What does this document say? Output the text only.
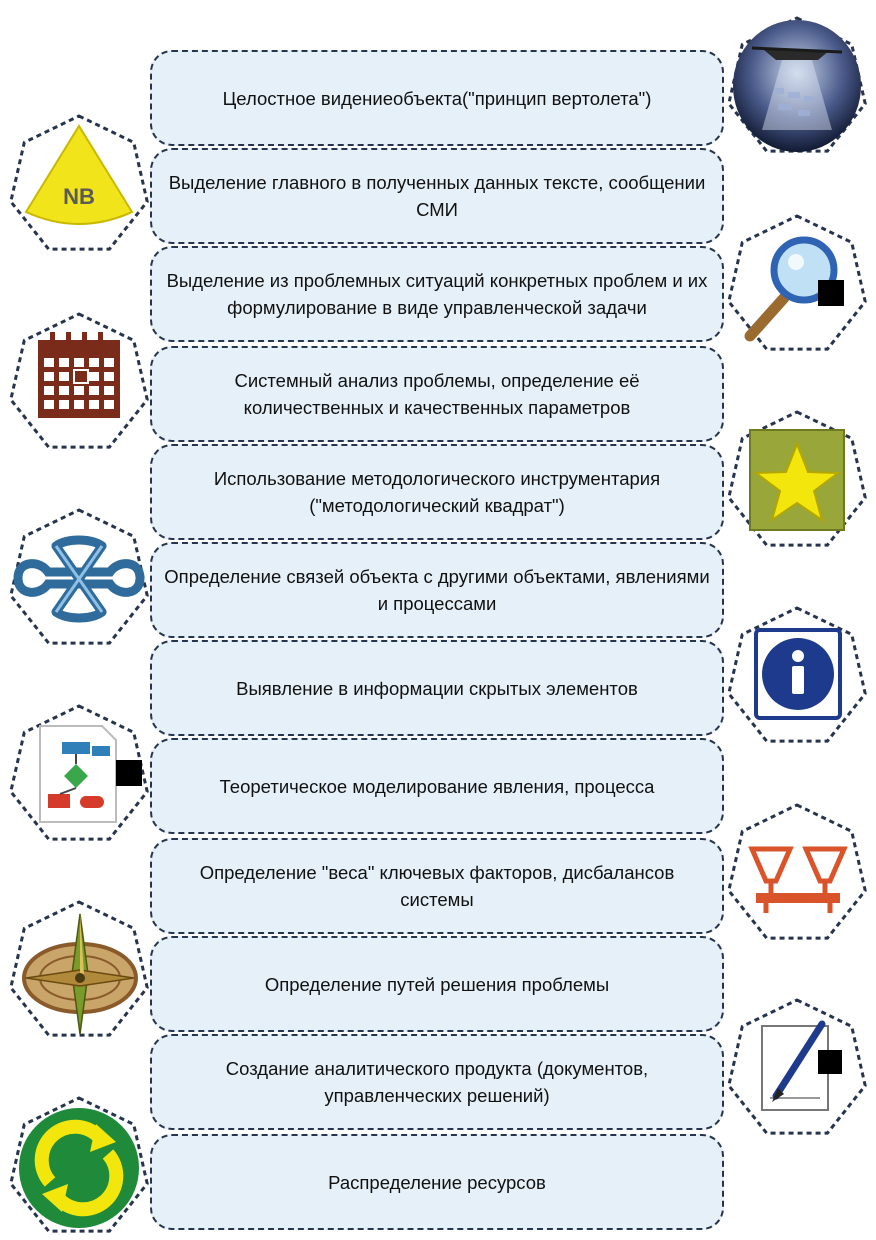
Целостное видениеобъекта("принцип вертолета")
Выделение главного в полученных данных тексте, сообщении СМИ
Выделение из проблемных ситуаций конкретных проблем и их формулирование в виде управленческой задачи
Системный анализ проблемы, определение её количественных и качественных параметров
Использование методологического инструментария ("методологический квадрат")
Определение связей объекта с другими объектами, явлениями и процессами
Выявление в информации скрытых элементов
Теоретическое моделирование явления, процесса
Определение "веса" ключевых факторов, дисбалансов системы
Определение путей решения проблемы
Создание аналитического продукта (документов, управленческих решений)
Распределение ресурсов
NB
